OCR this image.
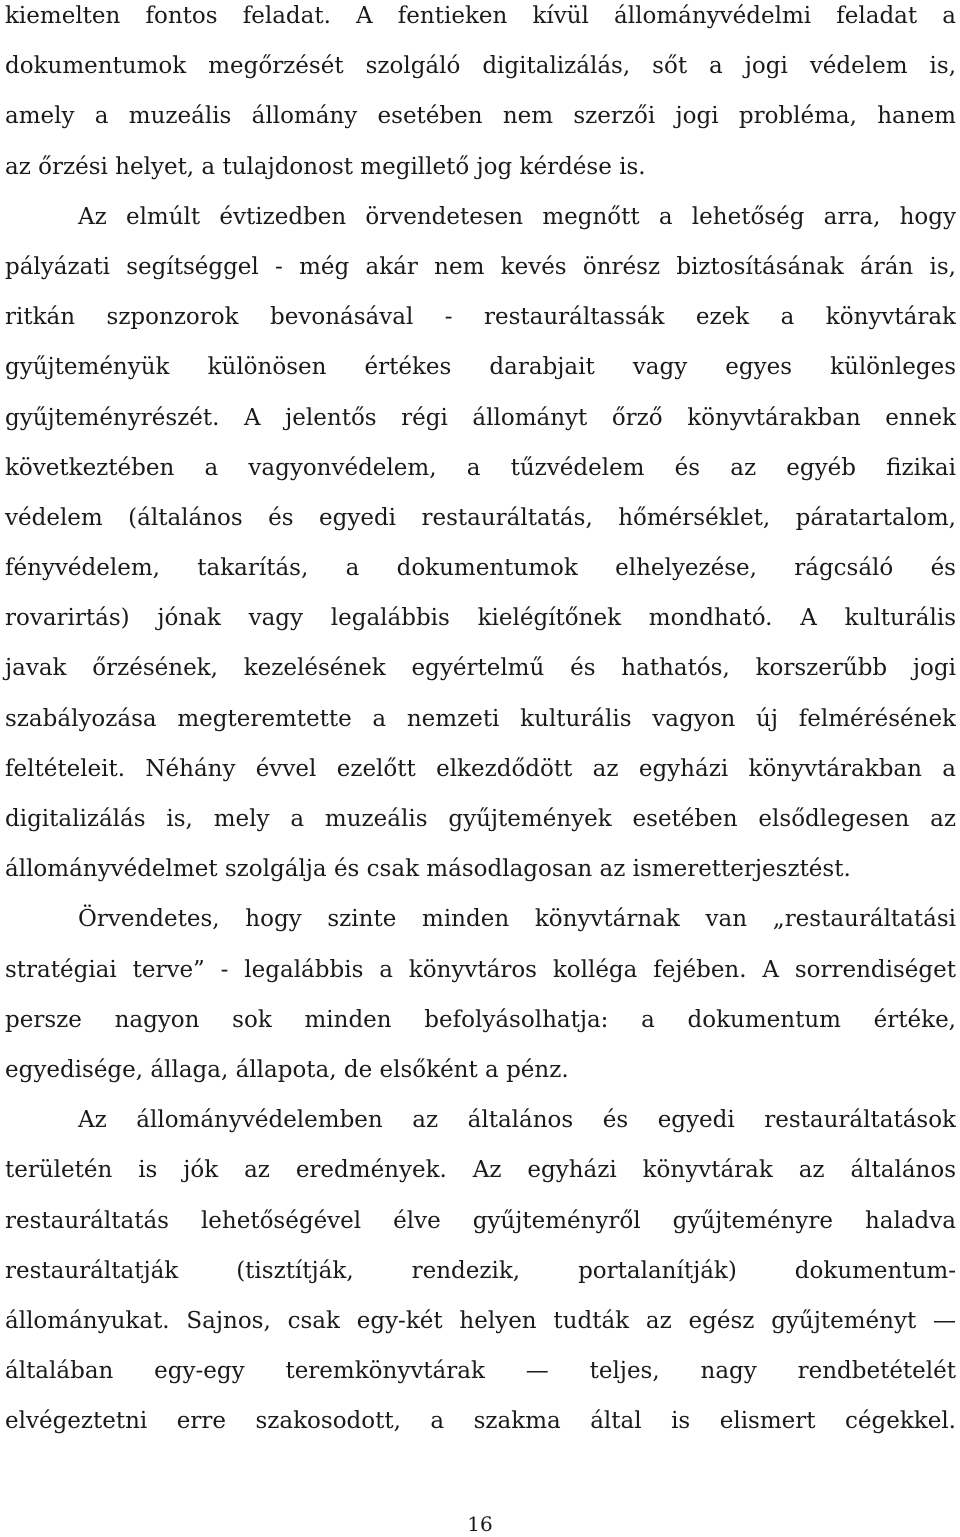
kiemelten fontos feladat. A fentieken kívül állományvédelmi feladat a
dokumentumok megőrzését szolgáló digitalizálás, sőt a jogi védelem is,
amely a muzeális állomány esetében nem szerzői jogi probléma, hanem
az őrzési helyet, a tulajdonost megillető jog kérdése is.
Az elmúlt évtizedben örvendetesen megnőtt a lehetőség arra, hogy
pályázati segítséggel - még akár nem kevés önrész biztosításának árán is,
ritkán szponzorok bevonásával - restauráltassák ezek a könyvtárak
gyűjteményük különösen értékes darabjait vagy egyes különleges
gyűjteményrészét. A jelentős régi állományt őrző könyvtárakban ennek
következtében a vagyonvédelem, a tűzvédelem és az egyéb fizikai
védelem (általános és egyedi restauráltatás, hőmérséklet, páratartalom,
fényvédelem, takarítás, a dokumentumok elhelyezése, rágcsáló és
rovarirtás) jónak vagy legalábbis kielégítőnek mondható. A kulturális
javak őrzésének, kezelésének egyértelmű és hathatós, korszerűbb jogi
szabályozása megteremtette a nemzeti kulturális vagyon új felmérésének
feltételeit. Néhány évvel ezelőtt elkezdődött az egyházi könyvtárakban a
digitalizálás is, mely a muzeális gyűjtemények esetében elsődlegesen az
állományvédelmet szolgálja és csak másodlagosan az ismeretterjesztést.
Örvendetes, hogy szinte minden könyvtárnak van „restauráltatási
stratégiai terve” - legalábbis a könyvtáros kolléga fejében. A sorrendiséget
persze nagyon sok minden befolyásolhatja: a dokumentum értéke,
egyedisége, állaga, állapota, de elsőként a pénz.
Az állományvédelemben az általános és egyedi restauráltatások
területén is jók az eredmények. Az egyházi könyvtárak az általános
restauráltatás lehetőségével élve gyűjteményről gyűjteményre haladva
restauráltatják (tisztítják, rendezik, portalanítják) dokumentum-
állományukat. Sajnos, csak egy-két helyen tudták az egész gyűjteményt —
általában egy-egy teremkönyvtárak — teljes, nagy rendbetételét
elvégeztetni erre szakosodott, a szakma által is elismert cégekkel.
16
